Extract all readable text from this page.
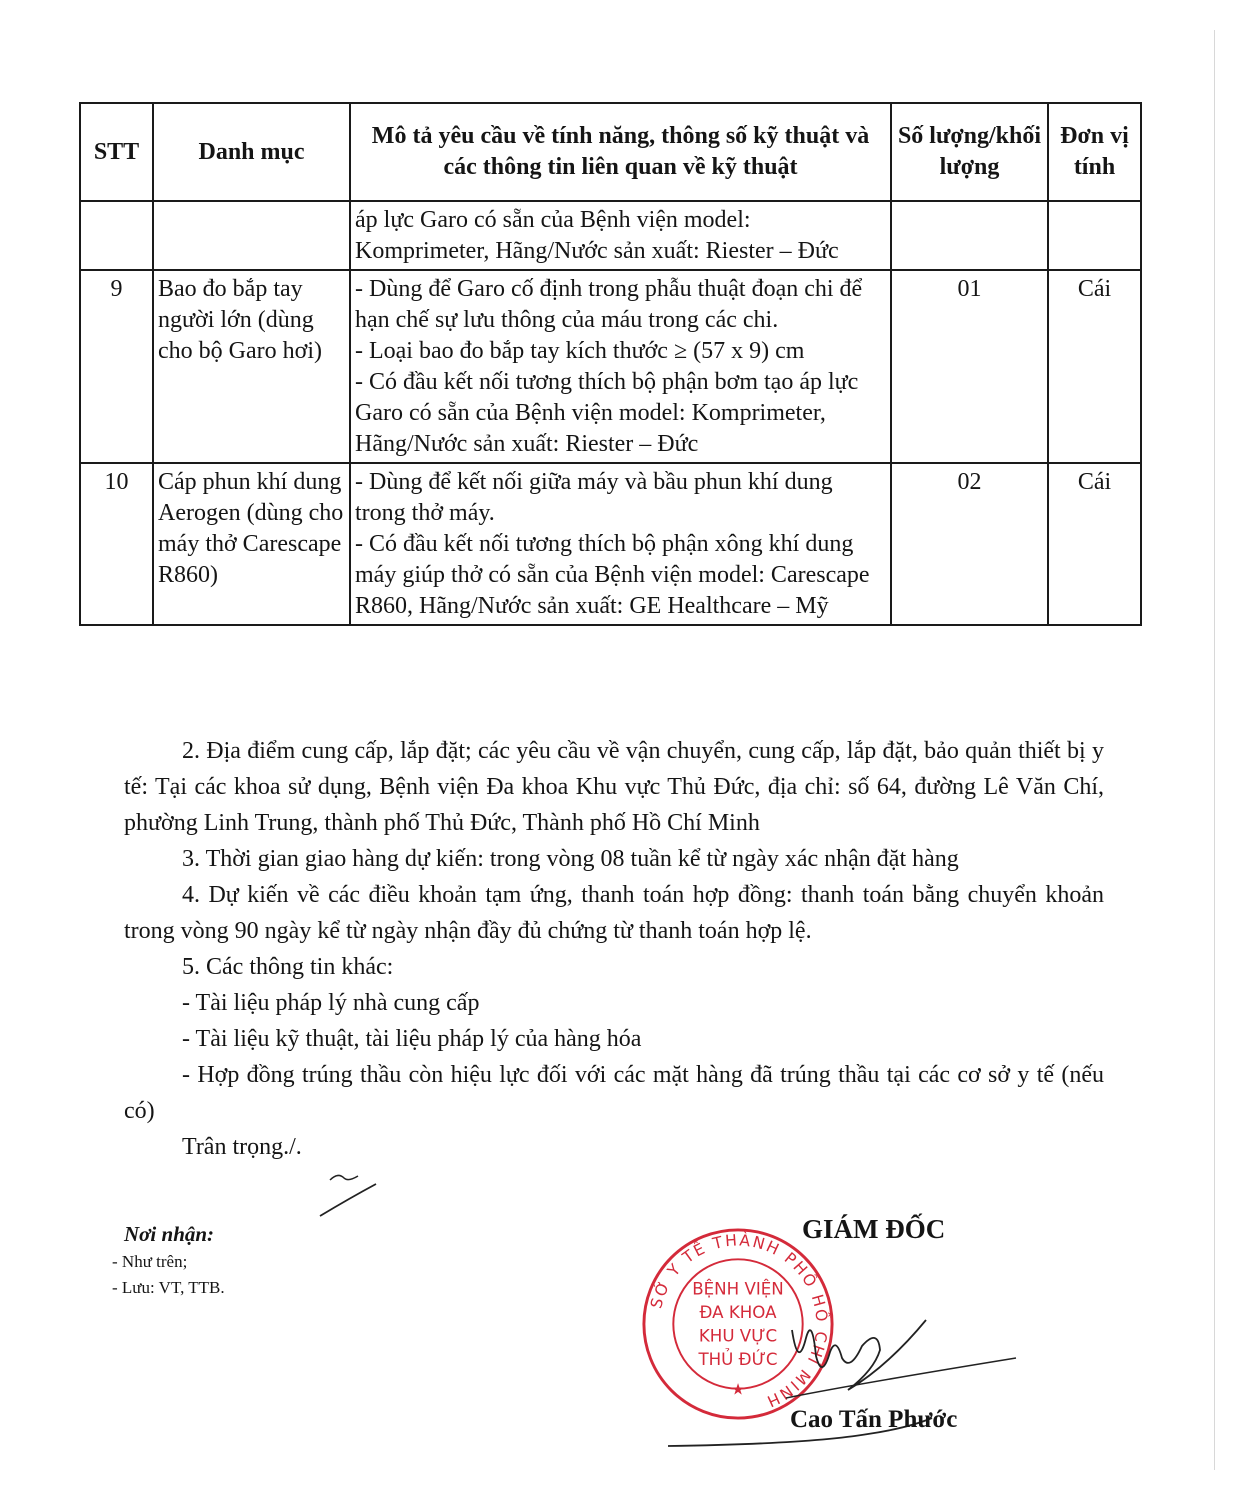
STT	Danh mục	Mô tả yêu cầu về tính năng, thông số kỹ thuật và các thông tin liên quan về kỹ thuật	Số lượng/khối lượng	Đơn vị tính

		áp lực Garo có sẵn của Bệnh viện model: Komprimeter, Hãng/Nước sản xuất: Riester – Đức		

9	Bao đo bắp tay người lớn (dùng cho bộ Garo hơi)	- Dùng để Garo cố định trong phẫu thuật đoạn chi để hạn chế sự lưu thông của máu trong các chi.
- Loại bao đo bắp tay kích thước ≥ (57 x 9) cm
- Có đầu kết nối tương thích bộ phận bơm tạo áp lực Garo có sẵn của Bệnh viện model: Komprimeter, Hãng/Nước sản xuất: Riester – Đức	01	Cái
10	Cáp phun khí dung Aerogen (dùng cho máy thở Carescape R860)	- Dùng để kết nối giữa máy và bầu phun khí dung trong thở máy.
- Có đầu kết nối tương thích bộ phận xông khí dung máy giúp thở có sẵn của Bệnh viện model: Carescape R860, Hãng/Nước sản xuất: GE Healthcare – Mỹ	02	Cái

2. Địa điểm cung cấp, lắp đặt; các yêu cầu về vận chuyển, cung cấp, lắp đặt, bảo quản thiết bị y tế: Tại các khoa sử dụng, Bệnh viện Đa khoa Khu vực Thủ Đức, địa chỉ: số 64, đường Lê Văn Chí, phường Linh Trung, thành phố Thủ Đức, Thành phố Hồ Chí Minh

3. Thời gian giao hàng dự kiến: trong vòng 08 tuần kể từ ngày xác nhận đặt hàng

4. Dự kiến về các điều khoản tạm ứng, thanh toán hợp đồng: thanh toán bằng chuyển khoản trong vòng 90 ngày kể từ ngày nhận đầy đủ chứng từ thanh toán hợp lệ.

5. Các thông tin khác:

- Tài liệu pháp lý nhà cung cấp

- Tài liệu kỹ thuật, tài liệu pháp lý của hàng hóa

- Hợp đồng trúng thầu còn hiệu lực đối với các mặt hàng đã trúng thầu tại các cơ sở y tế (nếu có)

Trân trọng./.

Nơi nhận:
- Như trên;
- Lưu: VT, TTB.
GIÁM ĐỐC
SỞ Y TẾ THÀNH PHỐ HỒ CHÍ MINH
BỆNH VIỆN
ĐA KHOA
KHU VỰC
THỦ ĐỨC
★
Cao Tấn Phước
